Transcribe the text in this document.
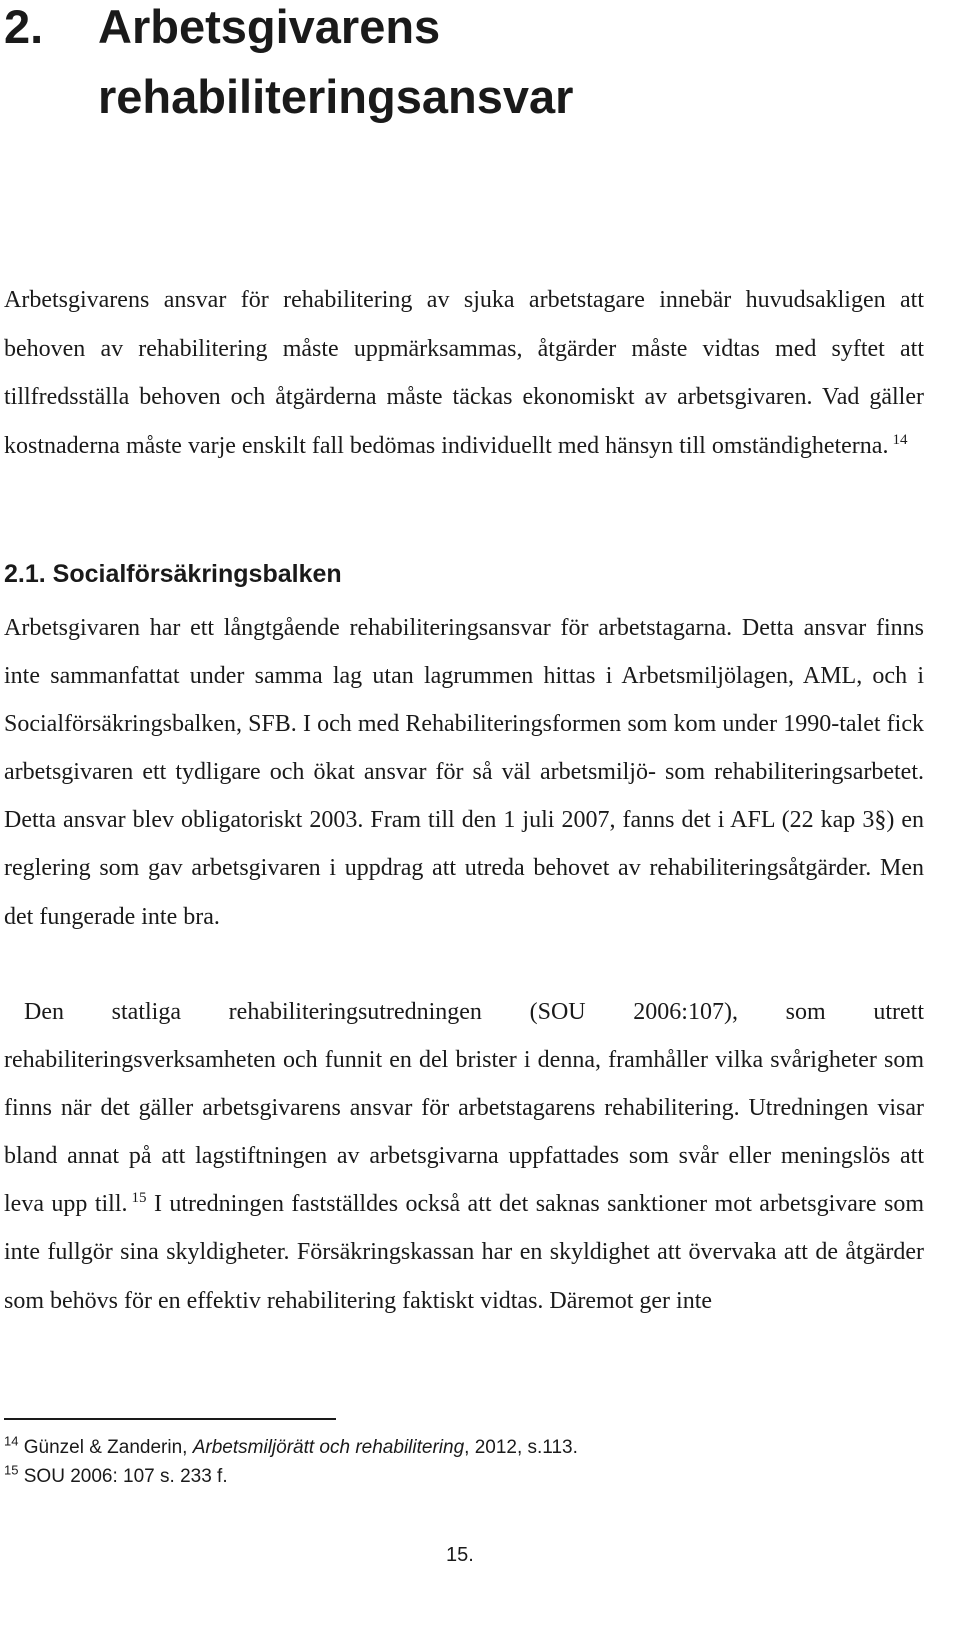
2. Arbetsgivarens
rehabiliteringsansvar

Arbetsgivarens ansvar för rehabilitering av sjuka arbetstagare innebär huvudsakligen att behoven av rehabilitering måste uppmärksammas, åtgärder måste vidtas med syftet att tillfredsställa behoven och åtgärderna måste täckas ekonomiskt av arbetsgivaren. Vad gäller kostnaderna måste varje enskilt fall bedömas individuellt med hänsyn till omständigheterna. $^{14}$

2.1. Socialförsäkringsbalken

Arbetsgivaren har ett långtgående rehabiliteringsansvar för arbetstagarna. Detta ansvar finns inte sammanfattat under samma lag utan lagrummen hittas i Arbetsmiljölagen, AML, och i Socialförsäkringsbalken, SFB. I och med Rehabiliteringsformen som kom under 1990-talet fick arbetsgivaren ett tydligare och ökat ansvar för så väl arbetsmiljö- som rehabiliteringsarbetet. Detta ansvar blev obligatoriskt 2003. Fram till den 1 juli 2007, fanns det i AFL (22 kap 3§) en reglering som gav arbetsgivaren i uppdrag att utreda behovet av rehabiliteringsåtgärder. Men det fungerade inte bra.

Den statliga rehabiliteringsutredningen (SOU 2006:107), som utrett rehabiliteringsverksamheten och funnit en del brister i denna, framhåller vilka svårigheter som finns när det gäller arbetsgivarens ansvar för arbetstagarens rehabilitering. Utredningen visar bland annat på att lagstiftningen av arbetsgivarna uppfattades som svår eller meningslös att leva upp till. $^{15}$ I utredningen fastställdes också att det saknas sanktioner mot arbetsgivare som inte fullgör sina skyldigheter. Försäkringskassan har en skyldighet att övervaka att de åtgärder som behövs för en effektiv rehabilitering faktiskt vidtas. Däremot ger inte

$^{14}$ Günzel & Zanderin, Arbetsmiljörätt och rehabilitering, 2012, s.113.
$^{15}$ SOU 2006: 107 s. 233 f.
15.
